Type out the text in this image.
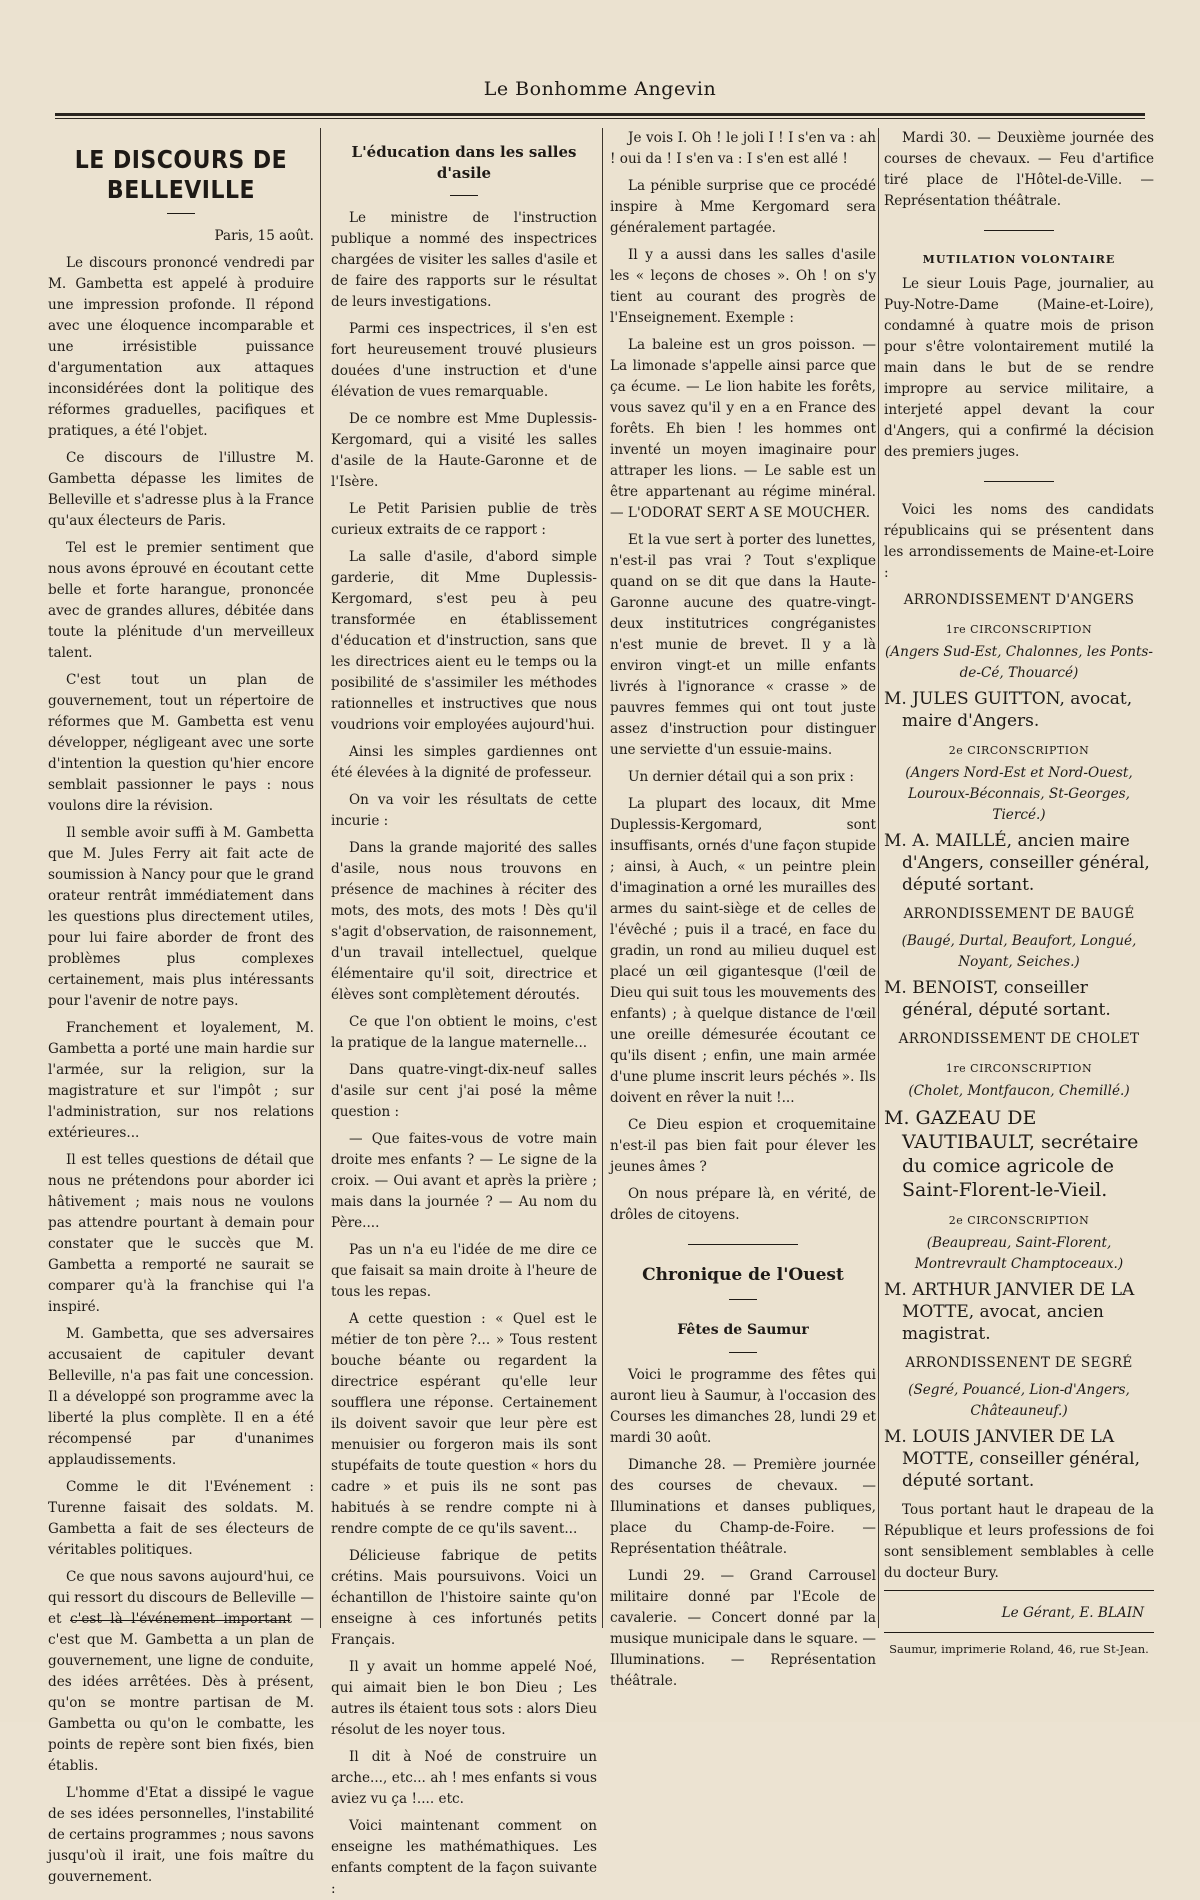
Le Bonhomme Angevin
LE DISCOURS DE BELLEVILLE

Paris, 15 août.

Le discours prononcé vendredi par M. Gambetta est appelé à produire une impression profonde. Il répond avec une éloquence incomparable et une irrésistible puissance d'argumentation aux attaques inconsidérées dont la politique des réformes graduelles, pacifiques et pratiques, a été l'objet.

Ce discours de l'illustre M. Gambetta dépasse les limites de Belleville et s'adresse plus à la France qu'aux électeurs de Paris.

Tel est le premier sentiment que nous avons éprouvé en écoutant cette belle et forte harangue, prononcée avec de grandes allures, débitée dans toute la plénitude d'un merveilleux talent.

C'est tout un plan de gouvernement, tout un répertoire de réformes que M. Gambetta est venu développer, négligeant avec une sorte d'intention la question qu'hier encore semblait passionner le pays : nous voulons dire la révision.

Il semble avoir suffi à M. Gambetta que M. Jules Ferry ait fait acte de soumission à Nancy pour que le grand orateur rentrât immédiatement dans les questions plus directement utiles, pour lui faire aborder de front des problèmes plus complexes certainement, mais plus intéressants pour l'avenir de notre pays.

Franchement et loyalement, M. Gambetta a porté une main hardie sur l'armée, sur la religion, sur la magistrature et sur l'impôt ; sur l'administration, sur nos relations extérieures...

Il est telles questions de détail que nous ne prétendons pour aborder ici hâtivement ; mais nous ne voulons pas attendre pourtant à demain pour constater que le succès que M. Gambetta a remporté ne saurait se comparer qu'à la franchise qui l'a inspiré.

M. Gambetta, que ses adversaires accusaient de capituler devant Belleville, n'a pas fait une concession. Il a développé son programme avec la liberté la plus complète. Il en a été récompensé par d'unanimes applaudissements.

Comme le dit l'Evénement : Turenne faisait des soldats. M. Gambetta a fait de ses électeurs de véritables politiques.

Ce que nous savons aujourd'hui, ce qui ressort du discours de Belleville — et c'est là l'événement important — c'est que M. Gambetta a un plan de gouvernement, une ligne de conduite, des idées arrêtées. Dès à présent, qu'on se montre partisan de M. Gambetta ou qu'on le combatte, les points de repère sont bien fixés, bien établis.

L'homme d'Etat a dissipé le vague de ses idées personnelles, l'instabilité de certains programmes ; nous savons jusqu'où il irait, une fois maître du gouvernement.

L'éducation dans les salles d'asile

Le ministre de l'instruction publique a nommé des inspectrices chargées de visiter les salles d'asile et de faire des rapports sur le résultat de leurs investigations.

Parmi ces inspectrices, il s'en est fort heureusement trouvé plusieurs douées d'une instruction et d'une élévation de vues remarquable.

De ce nombre est Mme Duplessis-Kergomard, qui a visité les salles d'asile de la Haute-Garonne et de l'Isère.

Le Petit Parisien publie de très curieux extraits de ce rapport :

La salle d'asile, d'abord simple garderie, dit Mme Duplessis-Kergomard, s'est peu à peu transformée en établissement d'éducation et d'instruction, sans que les directrices aient eu le temps ou la posibilité de s'assimiler les méthodes rationnelles et instructives que nous voudrions voir employées aujourd'hui.

Ainsi les simples gardiennes ont été élevées à la dignité de professeur.

On va voir les résultats de cette incurie :

Dans la grande majorité des salles d'asile, nous nous trouvons en présence de machines à réciter des mots, des mots, des mots ! Dès qu'il s'agit d'observation, de raisonnement, d'un travail intellectuel, quelque élémentaire qu'il soit, directrice et élèves sont complètement déroutés.

Ce que l'on obtient le moins, c'est la pratique de la langue maternelle...

Dans quatre-vingt-dix-neuf salles d'asile sur cent j'ai posé la même question :

— Que faites-vous de votre main droite mes enfants ? — Le signe de la croix. — Oui avant et après la prière ; mais dans la journée ? — Au nom du Père....

Pas un n'a eu l'idée de me dire ce que faisait sa main droite à l'heure de tous les repas.

A cette question : « Quel est le métier de ton père ?... » Tous restent bouche béante ou regardent la directrice espérant qu'elle leur soufflera une réponse. Certainement ils doivent savoir que leur père est menuisier ou forgeron mais ils sont stupéfaits de toute question « hors du cadre » et puis ils ne sont pas habitués à se rendre compte ni à rendre compte de ce qu'ils savent...

Délicieuse fabrique de petits crétins. Mais poursuivons. Voici un échantillon de l'histoire sainte qu'on enseigne à ces infortunés petits Français.

Il y avait un homme appelé Noé, qui aimait bien le bon Dieu ; Les autres ils étaient tous sots : alors Dieu résolut de les noyer tous.

Il dit à Noé de construire un arche..., etc... ah ! mes enfants si vous aviez vu ça !.... etc.

Voici maintenant comment on enseigne les mathémathiques. Les enfants comptent de la façon suivante :

Je vois I. Oh ! le joli I ! I s'en va : ah ! oui da ! I s'en va : I s'en est allé !

La pénible surprise que ce procédé inspire à Mme Kergomard sera généralement partagée.

Il y a aussi dans les salles d'asile les « leçons de choses ». Oh ! on s'y tient au courant des progrès de l'Enseignement. Exemple :

La baleine est un gros poisson. — La limonade s'appelle ainsi parce que ça écume. — Le lion habite les forêts, vous savez qu'il y en a en France des forêts. Eh bien ! les hommes ont inventé un moyen imaginaire pour attraper les lions. — Le sable est un être appartenant au régime minéral. — L'ODORAT SERT A SE MOUCHER.

Et la vue sert à porter des lunettes, n'est-il pas vrai ? Tout s'explique quand on se dit que dans la Haute-Garonne aucune des quatre-vingt-deux institutrices congréganistes n'est munie de brevet. Il y a là environ vingt-et un mille enfants livrés à l'ignorance « crasse » de pauvres femmes qui ont tout juste assez d'instruction pour distinguer une serviette d'un essuie-mains.

Un dernier détail qui a son prix :

La plupart des locaux, dit Mme Duplessis-Kergomard, sont insuffisants, ornés d'une façon stupide ; ainsi, à Auch, « un peintre plein d'imagination a orné les murailles des armes du saint-siège et de celles de l'évêché ; puis il a tracé, en face du gradin, un rond au milieu duquel est placé un œil gigantesque (l'œil de Dieu qui suit tous les mouvements des enfants) ; à quelque distance de l'œil une oreille démesurée écoutant ce qu'ils disent ; enfin, une main armée d'une plume inscrit leurs péchés ». Ils doivent en rêver la nuit !...

Ce Dieu espion et croquemitaine n'est-il pas bien fait pour élever les jeunes âmes ?

On nous prépare là, en vérité, de drôles de citoyens.

Chronique de l'Ouest
Fêtes de Saumur

Voici le programme des fêtes qui auront lieu à Saumur, à l'occasion des Courses les dimanches 28, lundi 29 et mardi 30 août.

Dimanche 28. — Première journée des courses de chevaux. — Illuminations et danses publiques, place du Champ-de-Foire. — Représentation théâtrale.

Lundi 29. — Grand Carrousel militaire donné par l'Ecole de cavalerie. — Concert donné par la musique municipale dans le square. — Illuminations. — Représentation théâtrale.

Mardi 30. — Deuxième journée des courses de chevaux. — Feu d'artifice tiré place de l'Hôtel-de-Ville. — Représentation théâtrale.

MUTILATION VOLONTAIRE

Le sieur Louis Page, journalier, au Puy-Notre-Dame (Maine-et-Loire), condamné à quatre mois de prison pour s'être volontairement mutilé la main dans le but de se rendre impropre au service militaire, a interjeté appel devant la cour d'Angers, qui a confirmé la décision des premiers juges.

Voici les noms des candidats républicains qui se présentent dans les arrondissements de Maine-et-Loire :

ARRONDISSEMENT D'ANGERS
1re CIRCONSCRIPTION
(Angers Sud-Est, Chalonnes, les Ponts-de-Cé, Thouarcé)
M. JULES GUITTON, avocat, maire d'Angers.
2e CIRCONSCRIPTION
(Angers Nord-Est et Nord-Ouest, Louroux-Béconnais, St-Georges, Tiercé.)
M. A. MAILLÉ, ancien maire d'Angers, conseiller général, député sortant.
ARRONDISSEMENT DE BAUGÉ
(Baugé, Durtal, Beaufort, Longué, Noyant, Seiches.)
M. BENOIST, conseiller général, député sortant.
ARRONDISSEMENT DE CHOLET
1re CIRCONSCRIPTION
(Cholet, Montfaucon, Chemillé.)
M. GAZEAU DE VAUTIBAULT, secrétaire du comice agricole de Saint-Florent-le-Vieil.
2e CIRCONSCRIPTION
(Beaupreau, Saint-Florent, Montrevrault Champtoceaux.)
M. ARTHUR JANVIER DE LA MOTTE, avocat, ancien magistrat.
ARRONDISSENENT DE SEGRÉ
(Segré, Pouancé, Lion-d'Angers, Châteauneuf.)
M. LOUIS JANVIER DE LA MOTTE, conseiller général, député sortant.

Tous portant haut le drapeau de la République et leurs professions de foi sont sensiblement semblables à celle du docteur Bury.

Le Gérant, E. BLAIN
Saumur, imprimerie Roland, 46, rue St-Jean.
